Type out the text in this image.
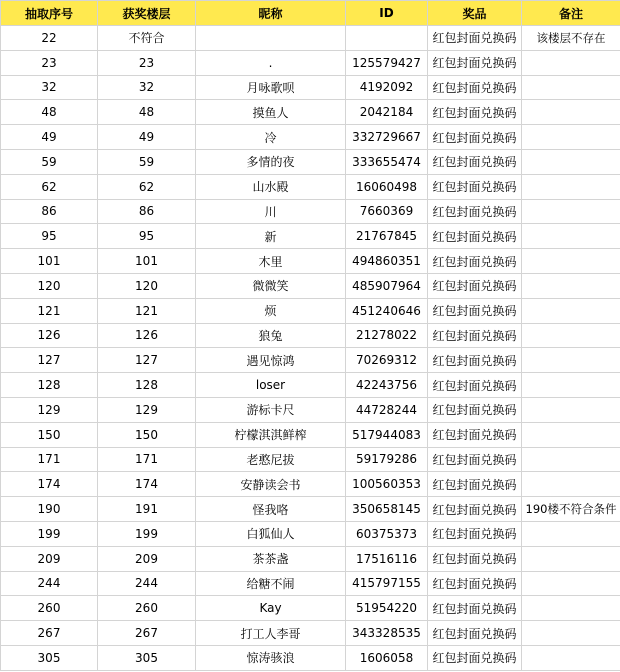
抽取序号	获奖楼层	昵称	ID	奖品	备注
22	不符合			红包封面兑换码	该楼层不存在
23	23	.	125579427	红包封面兑换码	
32	32	月咏歌呗	4192092	红包封面兑换码	
48	48	摸鱼人	2042184	红包封面兑换码	
49	49	冷	332729667	红包封面兑换码	
59	59	多情的夜	333655474	红包封面兑换码	
62	62	山水殿	16060498	红包封面兑换码	
86	86	川	7660369	红包封面兑换码	
95	95	新	21767845	红包封面兑换码	
101	101	木里	494860351	红包封面兑换码	
120	120	微微笑	485907964	红包封面兑换码	
121	121	烦	451240646	红包封面兑换码	
126	126	狼兔	21278022	红包封面兑换码	
127	127	遇见惊鸿	70269312	红包封面兑换码	
128	128	loser	42243756	红包封面兑换码	
129	129	游标卡尺	44728244	红包封面兑换码	
150	150	柠檬淇淇鲜榨	517944083	红包封面兑换码	
171	171	老憨尼拔	59179286	红包封面兑换码	
174	174	安静读会书	100560353	红包封面兑换码	
190	191	怪我咯	350658145	红包封面兑换码	190楼不符合条件
199	199	白狐仙人	60375373	红包封面兑换码	
209	209	茶茶盏	17516116	红包封面兑换码	
244	244	给糖不闹	415797155	红包封面兑换码	
260	260	Kay	51954220	红包封面兑换码	
267	267	打工人李哥	343328535	红包封面兑换码	
305	305	惊涛骇浪	1606058	红包封面兑换码	
